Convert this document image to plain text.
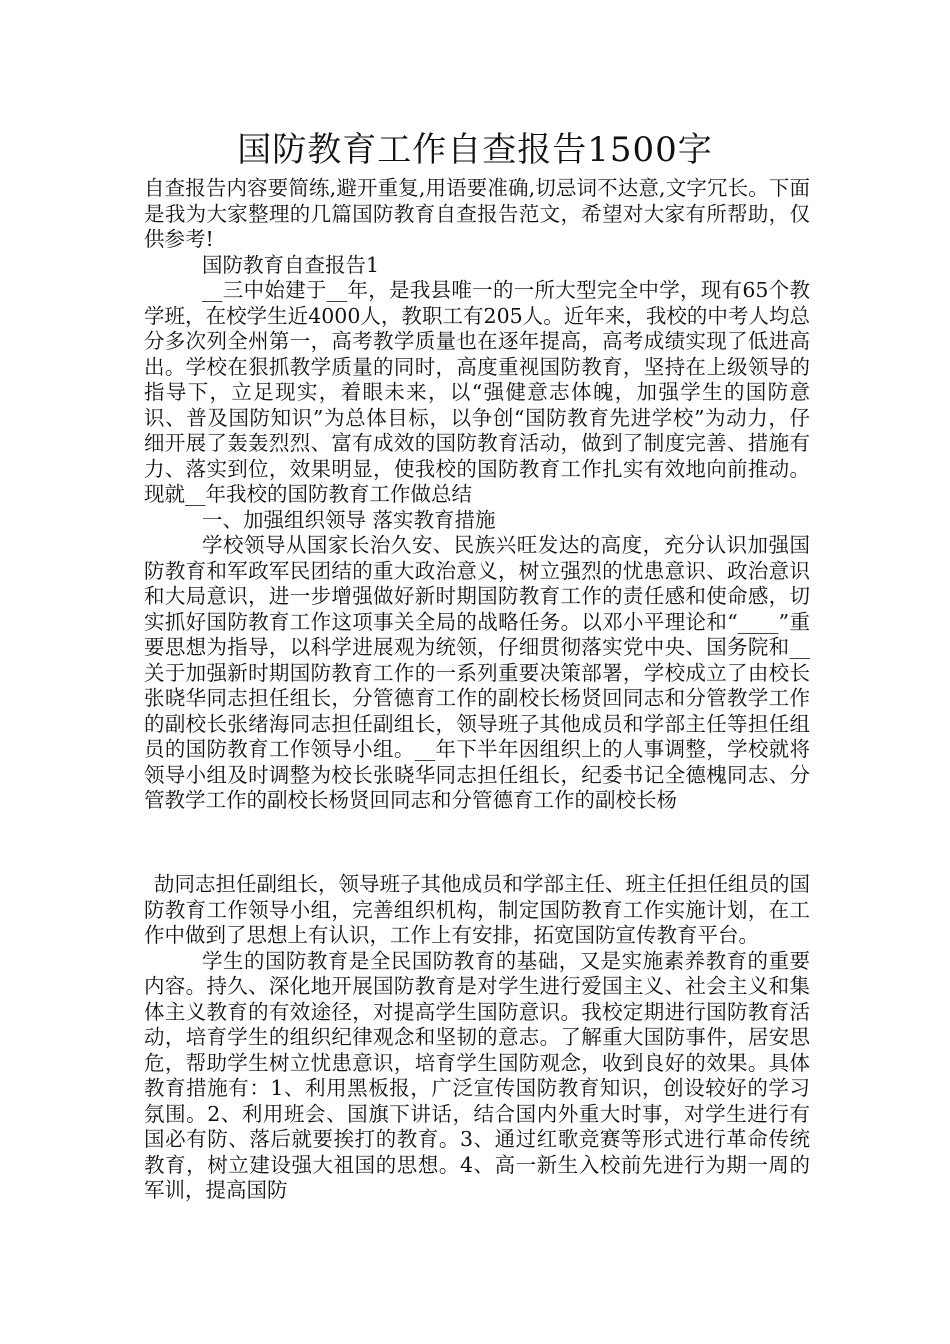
国防教育工作自查报告1500字

自查报告内容要简练,避开重复,用语要准确,切忌词不达意,文字冗长。下面是我为大家整理的几篇国防教育自查报告范文，希望对大家有所帮助，仅供参考!

国防教育自查报告1

__三中始建于__年，是我县唯一的一所大型完全中学，现有65个教学班，在校学生近4000人，教职工有205人。近年来，我校的中考人均总分多次列全州第一，高考教学质量也在逐年提高，高考成绩实现了低进高出。学校在狠抓教学质量的同时，高度重视国防教育，坚持在上级领导的指导下，立足现实，着眼未来，以“强健意志体魄，加强学生的国防意识、普及国防知识”为总体目标，以争创“国防教育先进学校”为动力，仔细开展了轰轰烈烈、富有成效的国防教育活动，做到了制度完善、措施有力、落实到位，效果明显，使我校的国防教育工作扎实有效地向前推动。现就__年我校的国防教育工作做总结

一、加强组织领导 落实教育措施

学校领导从国家长治久安、民族兴旺发达的高度，充分认识加强国防教育和军政军民团结的重大政治意义，树立强烈的忧患意识、政治意识和大局意识，进一步增强做好新时期国防教育工作的责任感和使命感，切实抓好国防教育工作这项事关全局的战略任务。以邓小平理论和“____”重要思想为指导，以科学进展观为统领，仔细贯彻落实党中央、国务院和__关于加强新时期国防教育工作的一系列重要决策部署，学校成立了由校长张晓华同志担任组长，分管德育工作的副校长杨贤回同志和分管教学工作的副校长张绪海同志担任副组长，领导班子其他成员和学部主任等担任组员的国防教育工作领导小组。__年下半年因组织上的人事调整，学校就将领导小组及时调整为校长张晓华同志担任组长，纪委书记全德槐同志、分管教学工作的副校长杨贤回同志和分管德育工作的副校长杨

劼同志担任副组长，领导班子其他成员和学部主任、班主任担任组员的国防教育工作领导小组，完善组织机构，制定国防教育工作实施计划，在工作中做到了思想上有认识，工作上有安排，拓宽国防宣传教育平台。

学生的国防教育是全民国防教育的基础，又是实施素养教育的重要内容。持久、深化地开展国防教育是对学生进行爱国主义、社会主义和集体主义教育的有效途径，对提高学生国防意识。我校定期进行国防教育活动，培育学生的组织纪律观念和坚韧的意志。了解重大国防事件，居安思危，帮助学生树立忧患意识，培育学生国防观念，收到良好的效果。具体教育措施有：1、利用黑板报，广泛宣传国防教育知识，创设较好的学习氛围。2、利用班会、国旗下讲话，结合国内外重大时事，对学生进行有国必有防、落后就要挨打的教育。3、通过红歌竞赛等形式进行革命传统教育，树立建设强大祖国的思想。4、高一新生入校前先进行为期一周的军训，提高国防
